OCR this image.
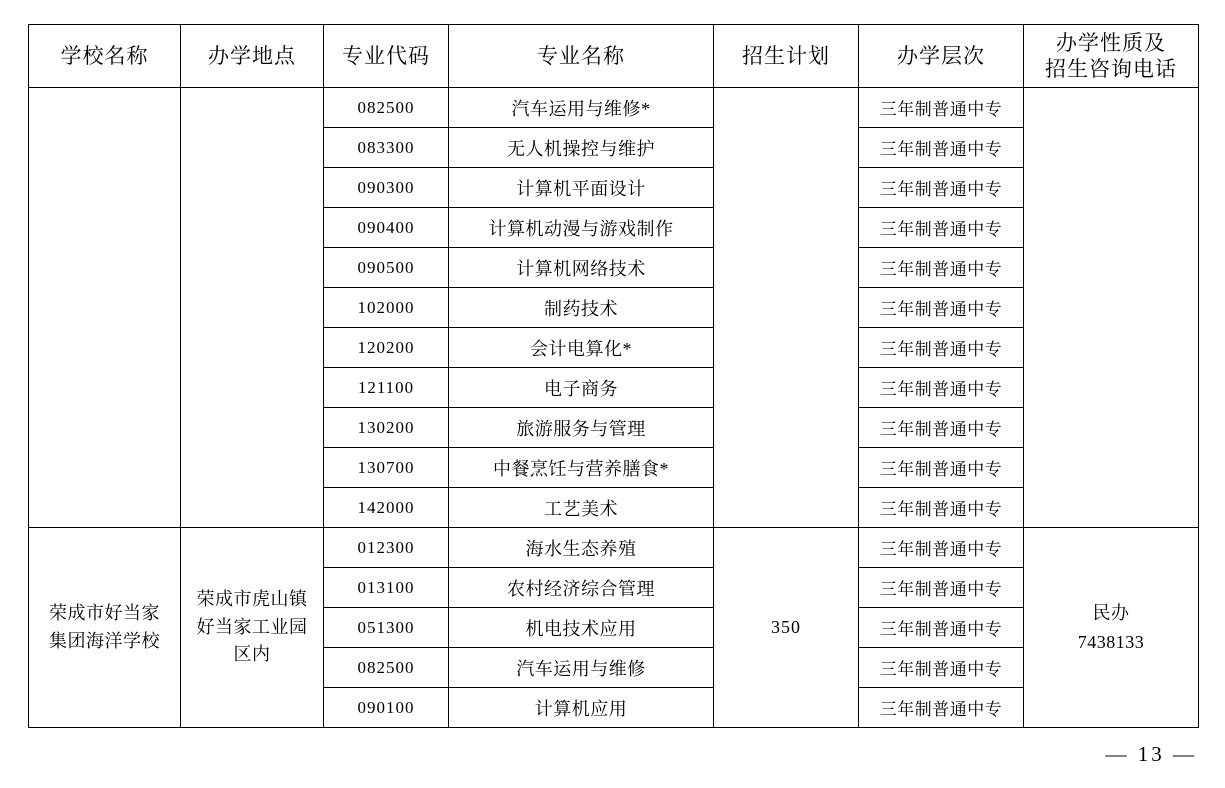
学校名称	办学地点	专业代码	专业名称	招生计划	办学层次	办学性质及
招生咨询电话

		082500	汽车运用与维修*		三年制普通中专	
		083300	无人机操控与维护		三年制普通中专	
		090300	计算机平面设计		三年制普通中专	
		090400	计算机动漫与游戏制作		三年制普通中专	
		090500	计算机网络技术		三年制普通中专	
		102000	制药技术		三年制普通中专	
		120200	会计电算化*		三年制普通中专	
		121100	电子商务		三年制普通中专	
		130200	旅游服务与管理		三年制普通中专	
		130700	中餐烹饪与营养膳食*		三年制普通中专	
		142000	工艺美术		三年制普通中专	

荣成市好当家
集团海洋学校	荣成市虎山镇
好当家工业园
区内	012300	海水生态养殖	350	三年制普通中专	民办
7438133

		013100	农村经济综合管理		三年制普通中专	
		051300	机电技术应用		三年制普通中专	
		082500	汽车运用与维修		三年制普通中专	
		090100	计算机应用		三年制普通中专	
— 13 —
